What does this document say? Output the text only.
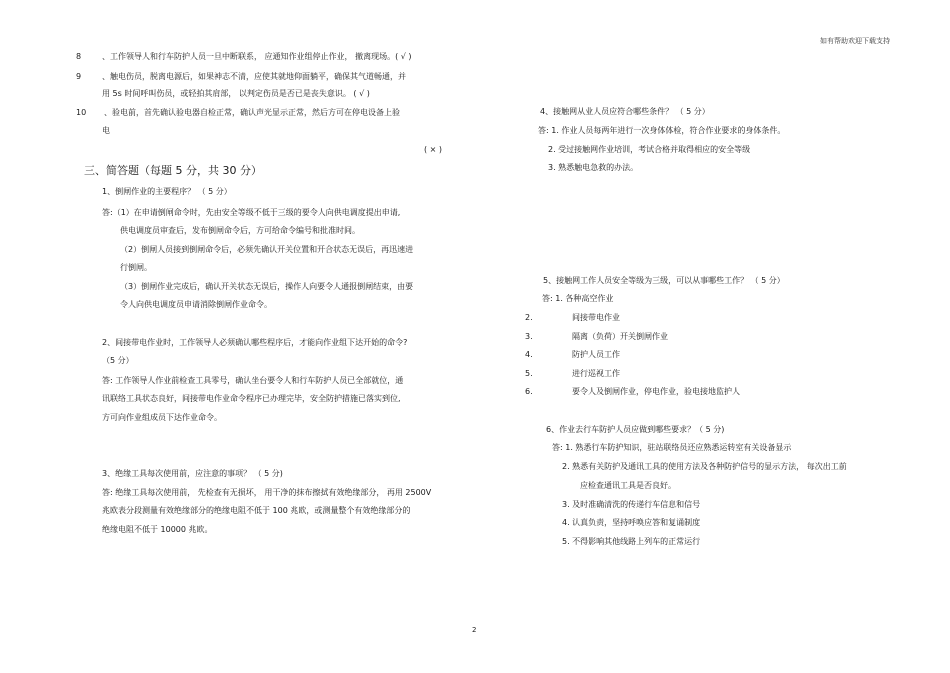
如有帮助欢迎下载支持
8	、工作领导人和行车防护人员一旦中断联系， 应通知作业组停止作业， 撤离现场。( √ )
9	、触电伤员，脱离电源后，如果神志不清，应使其就地仰面躺平，确保其气道畅通，并
用 5s 时间呼叫伤员，或轻拍其肩部， 以判定伤员是否已是丧失意识。 ( √ )
10 、验电前，首先确认验电器自检正常，确认声光显示正常，然后方可在停电设备上验
电
( × )
三、简答题（每题 5 分，共 30 分）
1、倒闸作业的主要程序？ （ 5 分）
答:（1）在申请倒闸命令时，先由安全等级不低于三级的要令人向供电调度提出申请,
供电调度员审查后，发布倒闸命令后，方可给命令编号和批准时间。
（2）倒闸人员接到倒闸命令后，必须先确认开关位置和开合状态无误后，再迅速进
行倒闸。
（3）倒闸作业完成后，确认开关状态无误后，操作人向要令人通报倒闸结束，由要
令人向供电调度员申请消除倒闸作业命令。
2、间接带电作业时，工作领导人必须确认哪些程序后，才能向作业组下达开始的命令?
（5 分）
答: 工作领导人作业前检查工具零号，确认坐台要令人和行车防护人员已全部就位，通
讯联络工具状态良好，间接带电作业命令程序已办理完毕，安全防护措施已落实到位,
方可向作业组成员下达作业命令。
3、绝缘工具每次使用前，应注意的事项？ （ 5 分)
答: 绝缘工具每次使用前， 先检查有无损坏， 用干净的抹布擦拭有效绝缘部分， 再用 2500V
兆欧表分段测量有效绝缘部分的绝缘电阻不低于 100 兆欧，或测量整个有效绝缘部分的
绝缘电阻不低于 10000 兆欧。
4、接触网从业人员应符合哪些条件？ （ 5 分）
答: 1. 作业人员每两年进行一次身体体检，符合作业要求的身体条件。
2. 受过接触网作业培训，考试合格并取得相应的安全等级
3. 熟悉触电急救的办法。
5、接触网工作人员安全等级为三级，可以从事哪些工作？ （ 5 分）
答: 1. 各种高空作业
2.	间接带电作业
3.	隔离（负荷）开关倒闸作业
4.	防护人员工作
5.	进行巡视工作
6.	要令人及倒闸作业，停电作业，验电接地监护人
6、作业去行车防护人员应做到哪些要求？（ 5 分)
答: 1. 熟悉行车防护知识，驻站联络员还应熟悉运转室有关设备显示
2. 熟悉有关防护及通讯工具的使用方法及各种防护信号的显示方法， 每次出工前
应检查通讯工具是否良好。
3. 及时准确清洗的传递行车信息和信号
4. 认真负责，坚持呼唤应答和复诵制度
5. 不得影响其他线路上列车的正常运行
2
